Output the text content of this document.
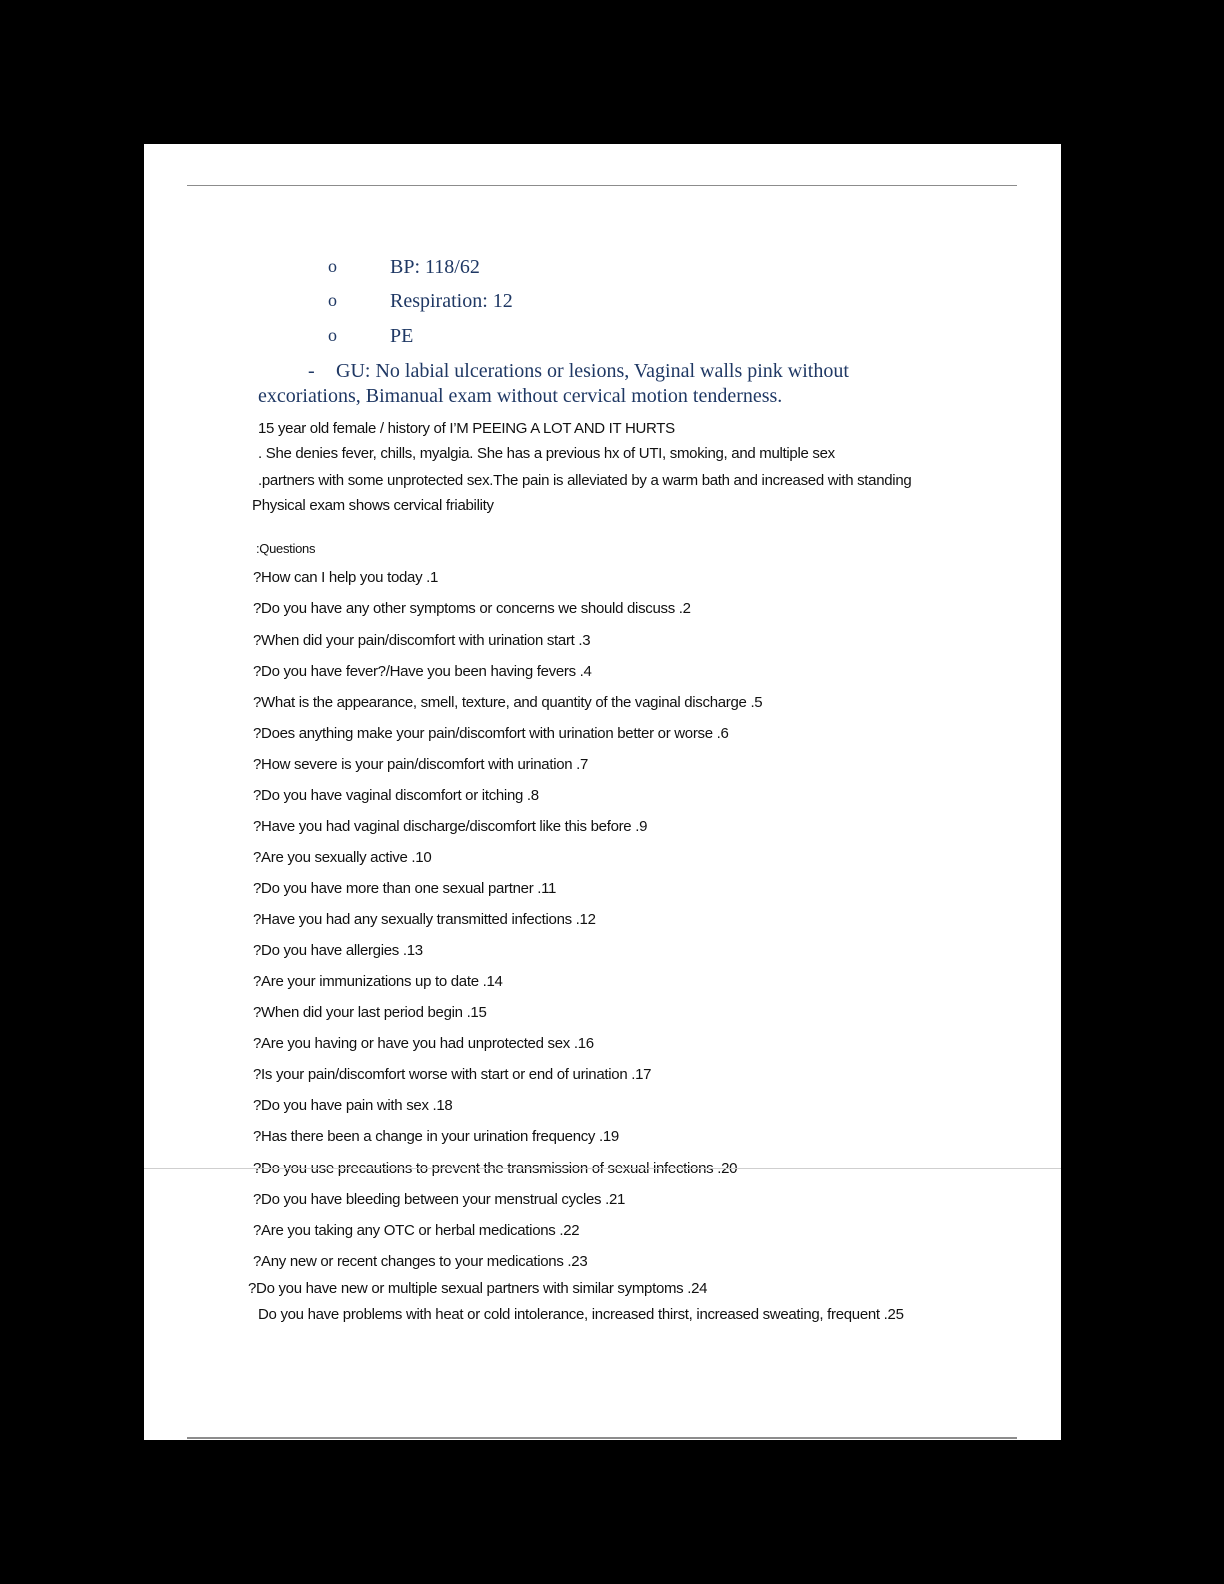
o	BP: 118/62
o	Respiration: 12
o	PE
- GU: No labial ulcerations or lesions, Vaginal walls pink without
excoriations, Bimanual exam without cervical motion tenderness.
15 year old female / history of I’M PEEING A LOT AND IT HURTS
. She denies fever, chills, myalgia. She has a previous hx of UTI, smoking, and multiple sex
.partners with some unprotected sex.The pain is alleviated by a warm bath and increased with standing
Physical exam shows cervical friability
:Questions
?How can I help you today .1
?Do you have any other symptoms or concerns we should discuss .2
?When did your pain/discomfort with urination start .3
?Do you have fever?/Have you been having fevers .4
?What is the appearance, smell, texture, and quantity of the vaginal discharge .5
?Does anything make your pain/discomfort with urination better or worse .6
?How severe is your pain/discomfort with urination .7
?Do you have vaginal discomfort or itching .8
?Have you had vaginal discharge/discomfort like this before .9
?Are you sexually active .10
?Do you have more than one sexual partner .11
?Have you had any sexually transmitted infections .12
?Do you have allergies .13
?Are your immunizations up to date .14
?When did your last period begin .15
?Are you having or have you had unprotected sex .16
?Is your pain/discomfort worse with start or end of urination .17
?Do you have pain with sex .18
?Has there been a change in your urination frequency .19
?Do you use precautions to prevent the transmission of sexual infections .20
?Do you have bleeding between your menstrual cycles .21
?Are you taking any OTC or herbal medications .22
?Any new or recent changes to your medications .23
?Do you have new or multiple sexual partners with similar symptoms .24
Do you have problems with heat or cold intolerance, increased thirst, increased sweating, frequent .25
